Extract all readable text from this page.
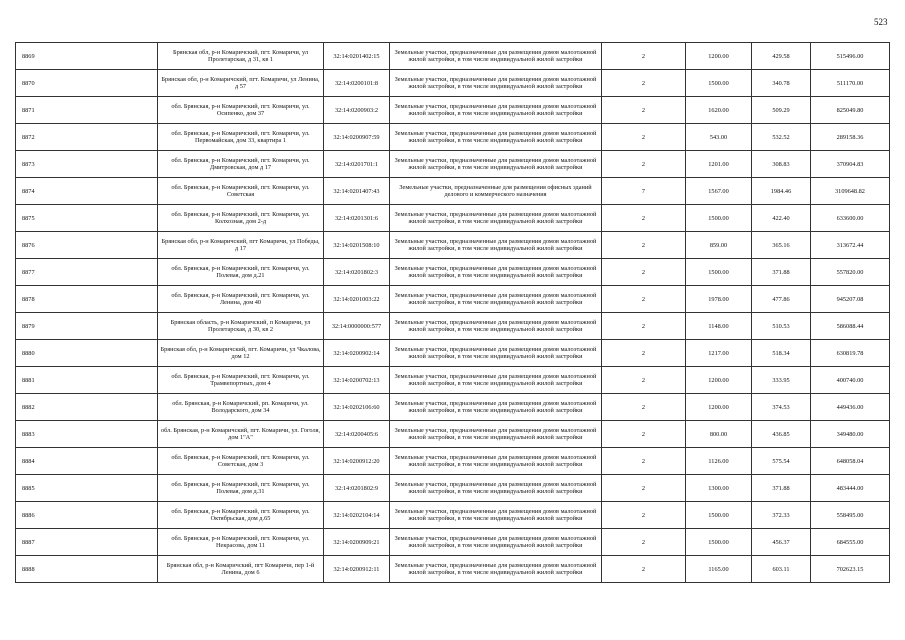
523
8869	Брянская обл, р-н Комаричский, пгт. Комаричи, ул Пролетарская, д 31, кв 1	32:14:0201402:15	Земельные участки, предназначенные для размещения домов малоэтажной жилой застройки, в том числе индивидуальной жилой застройки	2	1200.00	429.58	515496.00
8870	Брянская обл, р-н Комаричский, пгт. Комаричи, ул Ленина, д 57	32:14:0200101:8	Земельные участки, предназначенные для размещения домов малоэтажной жилой застройки, в том числе индивидуальной жилой застройки	2	1500.00	340.78	511170.00
8871	обл. Брянская, р-н Комаричский, пгт. Комаричи, ул. Осипенко, дом 37	32:14:0200903:2	Земельные участки, предназначенные для размещения домов малоэтажной жилой застройки, в том числе индивидуальной жилой застройки	2	1620.00	509.29	825049.80
8872	обл. Брянская, р-н Комаричский, пгт. Комаричи, ул. Первомайская, дом 33, квартира 1	32:14:0200907:59	Земельные участки, предназначенные для размещения домов малоэтажной жилой застройки, в том числе индивидуальной жилой застройки	2	543.00	532.52	289158.36
8873	обл. Брянская, р-н Комаричский, пгт. Комаричи, ул. Дмитровская, дом д 17	32:14:0201701:1	Земельные участки, предназначенные для размещения домов малоэтажной жилой застройки, в том числе индивидуальной жилой застройки	2	1201.00	308.83	370904.83
8874	обл. Брянская, р-н Комаричский, пгт. Комаричи, ул. Советская	32:14:0201407:43	Земельные участки, предназначенные для размещения офисных зданий делового и коммерческого назначения	7	1567.00	1984.46	3109648.82
8875	обл. Брянская, р-н Комаричский, пгт. Комаричи, ул. Колхозная, дом 2-д	32:14:0201301:6	Земельные участки, предназначенные для размещения домов малоэтажной жилой застройки, в том числе индивидуальной жилой застройки	2	1500.00	422.40	633600.00
8876	Брянская обл, р-н Комаричский, пгт Комаричи, ул Победы, д 17	32:14:0201508:10	Земельные участки, предназначенные для размещения домов малоэтажной жилой застройки, в том числе индивидуальной жилой застройки	2	859.00	365.16	313672.44
8877	обл. Брянская, р-н Комаричский, пгт. Комаричи, ул. Полевая, дом д.21	32:14:0201802:3	Земельные участки, предназначенные для размещения домов малоэтажной жилой застройки, в том числе индивидуальной жилой застройки	2	1500.00	371.88	557820.00
8878	обл. Брянская, р-н Комаричский, пгт. Комаричи, ул. Ленина, дом 40	32:14:0201003:22	Земельные участки, предназначенные для размещения домов малоэтажной жилой застройки, в том числе индивидуальной жилой застройки	2	1978.00	477.86	945207.08
8879	Брянская область, р-н Комаричский, п Комаричи, ул Пролетарская, д 30, кв 2	32:14:0000000:577	Земельные участки, предназначенные для размещения домов малоэтажной жилой застройки, в том числе индивидуальной жилой застройки	2	1148.00	510.53	586088.44
8880	Брянская обл, р-н Комаричский, пгт. Комаричи, ул Чкалова, дом 12	32:14:0200902:14	Земельные участки, предназначенные для размещения домов малоэтажной жилой застройки, в том числе индивидуальной жилой застройки	2	1217.00	518.34	630819.78
8881	обл. Брянская, р-н Комаричский, пгт. Комаричи, ул. Трамвепортных, дом 4	32:14:0200702:13	Земельные участки, предназначенные для размещения домов малоэтажной жилой застройки, в том числе индивидуальной жилой застройки	2	1200.00	333.95	400740.00
8882	обл. Брянская, р-н Комаричский, рп. Комаричи, ул. Володарского, дом 34	32:14:0202106:60	Земельные участки, предназначенные для размещения домов малоэтажной жилой застройки, в том числе индивидуальной жилой застройки	2	1200.00	374.53	449436.00
8883	обл. Брянская, р-н Комаричский, пгт. Комаричи, ул. Гоголя, дом 1"А"	32:14:0200405:6	Земельные участки, предназначенные для размещения домов малоэтажной жилой застройки, в том числе индивидуальной жилой застройки	2	800.00	436.85	349480.00
8884	обл. Брянская, р-н Комаричский, пгт. Комаричи, ул. Советская, дом 3	32:14:0200912:20	Земельные участки, предназначенные для размещения домов малоэтажной жилой застройки, в том числе индивидуальной жилой застройки	2	1126.00	575.54	648058.04
8885	обл. Брянская, р-н Комаричский, пгт. Комаричи, ул. Полевая, дом д.31	32:14:0201802:9	Земельные участки, предназначенные для размещения домов малоэтажной жилой застройки, в том числе индивидуальной жилой застройки	2	1300.00	371.88	483444.00
8886	обл. Брянская, р-н Комаричский, пгт. Комаричи, ул. Октябрьская, дом д.65	32:14:0202104:14	Земельные участки, предназначенные для размещения домов малоэтажной жилой застройки, в том числе индивидуальной жилой застройки	2	1500.00	372.33	558495.00
8887	обл. Брянская, р-н Комаричский, пгт. Комаричи, ул. Некрасова, дом 11	32:14:0200909:21	Земельные участки, предназначенные для размещения домов малоэтажной жилой застройки, в том числе индивидуальной жилой застройки	2	1500.00	456.37	684555.00
8888	Брянская обл, р-н Комаричский, пгт Комаричи, пер 1-й Ленина, дом 6	32:14:0200912:11	Земельные участки, предназначенные для размещения домов малоэтажной жилой застройки, в том числе индивидуальной жилой застройки	2	1165.00	603.11	702623.15
